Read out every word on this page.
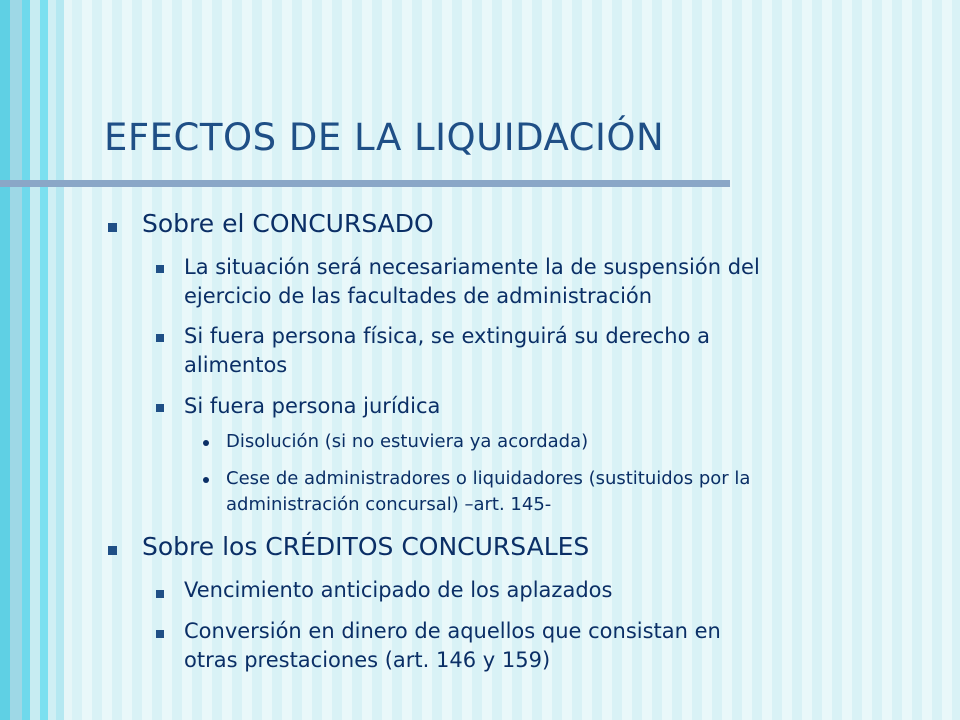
EFECTOS DE LA LIQUIDACIÓN
Sobre el CONCURSADO
La situación será necesariamente la de suspensión del
ejercicio de las facultades de administración
Si fuera persona física, se extinguirá su derecho a
alimentos
Si fuera persona jurídica
Disolución (si no estuviera ya acordada)
Cese de administradores o liquidadores (sustituidos por la
administración concursal) –art. 145-
Sobre los CRÉDITOS CONCURSALES
Vencimiento anticipado de los aplazados
Conversión en dinero de aquellos que consistan en
otras prestaciones (art. 146 y 159)
